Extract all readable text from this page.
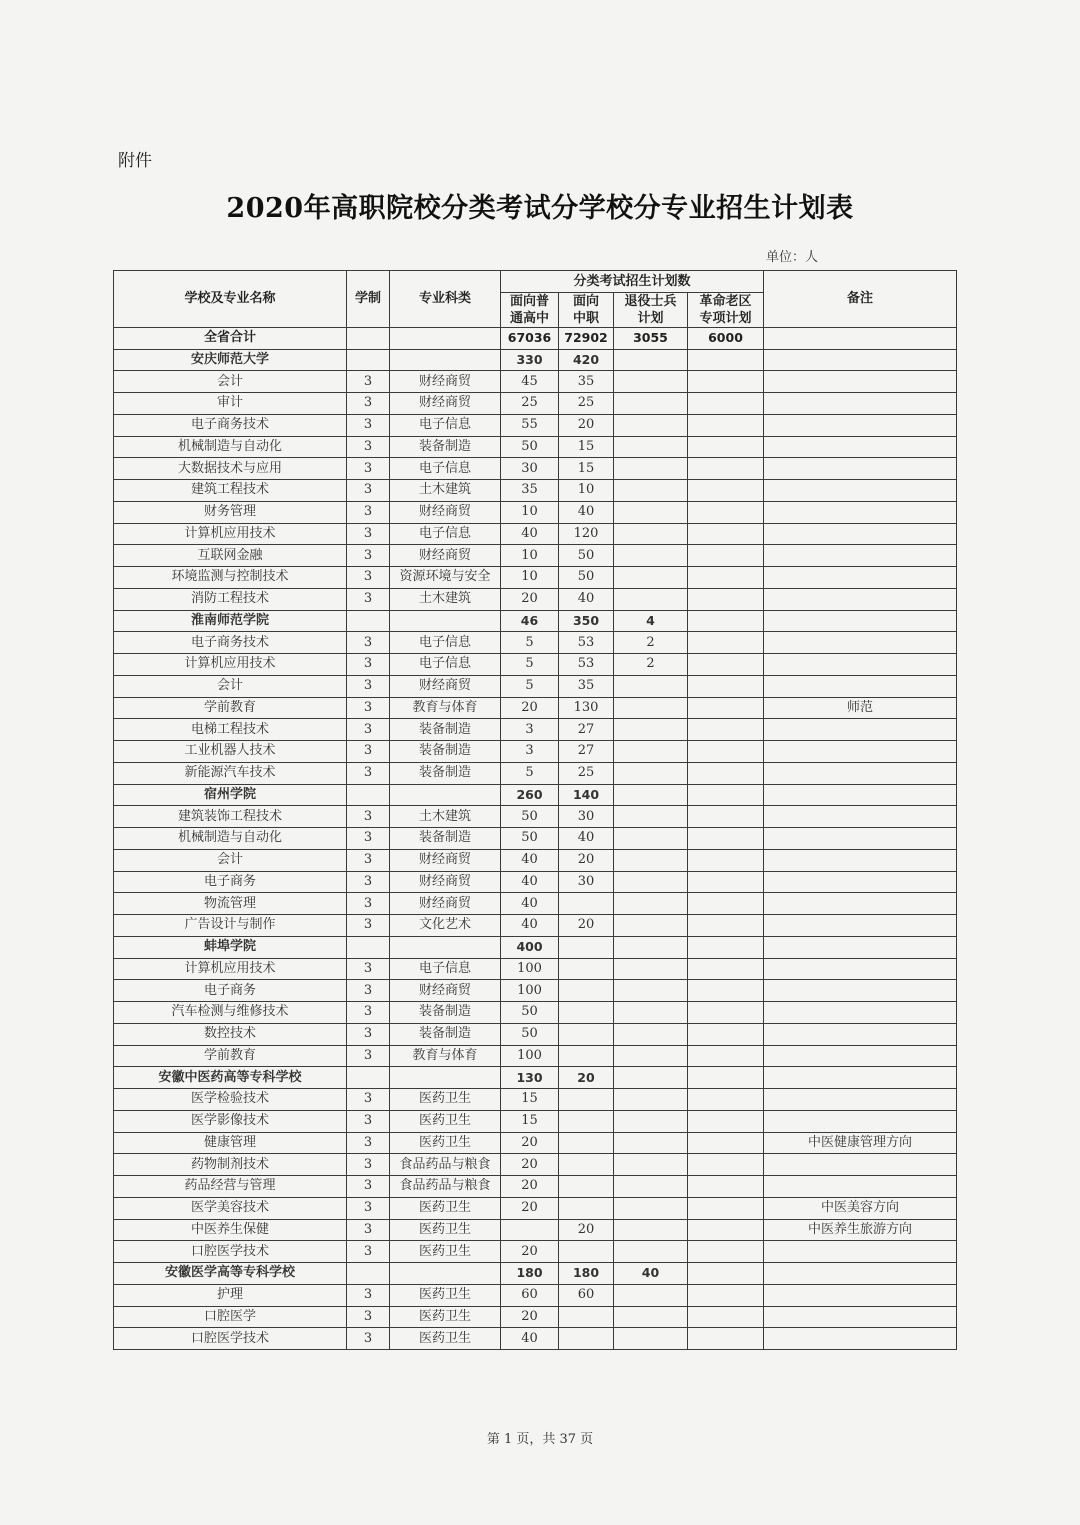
附件
2020年高职院校分类考试分学校分专业招生计划表
单位：人
学校及专业名称	学制	专业科类	分类考试招生计划数				备注
			面向普通高中	面向中职	退役士兵计划	革命老区专项计划	
全省合计			67036	72902	3055	6000	
安庆师范大学			330	420			
会计	3	财经商贸	45	35			
审计	3	财经商贸	25	25			
电子商务技术	3	电子信息	55	20			
机械制造与自动化	3	装备制造	50	15			
大数据技术与应用	3	电子信息	30	15			
建筑工程技术	3	土木建筑	35	10			
财务管理	3	财经商贸	10	40			
计算机应用技术	3	电子信息	40	120			
互联网金融	3	财经商贸	10	50			
环境监测与控制技术	3	资源环境与安全	10	50			
消防工程技术	3	土木建筑	20	40			
淮南师范学院			46	350	4		
电子商务技术	3	电子信息	5	53	2		
计算机应用技术	3	电子信息	5	53	2		
会计	3	财经商贸	5	35			
学前教育	3	教育与体育	20	130			师范
电梯工程技术	3	装备制造	3	27			
工业机器人技术	3	装备制造	3	27			
新能源汽车技术	3	装备制造	5	25			
宿州学院			260	140			
建筑装饰工程技术	3	土木建筑	50	30			
机械制造与自动化	3	装备制造	50	40			
会计	3	财经商贸	40	20			
电子商务	3	财经商贸	40	30			
物流管理	3	财经商贸	40				
广告设计与制作	3	文化艺术	40	20			
蚌埠学院			400				
计算机应用技术	3	电子信息	100				
电子商务	3	财经商贸	100				
汽车检测与维修技术	3	装备制造	50				
数控技术	3	装备制造	50				
学前教育	3	教育与体育	100				
安徽中医药高等专科学校			130	20			
医学检验技术	3	医药卫生	15				
医学影像技术	3	医药卫生	15				
健康管理	3	医药卫生	20				中医健康管理方向
药物制剂技术	3	食品药品与粮食	20				
药品经营与管理	3	食品药品与粮食	20				
医学美容技术	3	医药卫生	20				中医美容方向
中医养生保健	3	医药卫生		20			中医养生旅游方向
口腔医学技术	3	医药卫生	20				
安徽医学高等专科学校			180	180	40		
护理	3	医药卫生	60	60			
口腔医学	3	医药卫生	20				
口腔医学技术	3	医药卫生	40				
第 1 页，共 37 页
